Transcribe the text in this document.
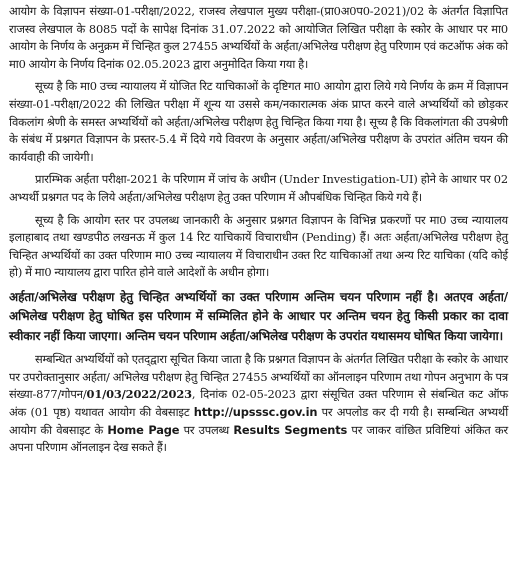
आयोग के विज्ञापन संख्या-01-परीक्षा/2022, राजस्व लेखपाल मुख्य परीक्षा-(प्रा0अ0प0-2021)/02 के अंतर्गत विज्ञापित राजस्व लेखपाल के 8085 पदों के सापेक्ष दिनांक 31.07.2022 को आयोजित लिखित परीक्षा के स्कोर के आधार पर मा0 आयोग के निर्णय के अनुक्रम में चिन्हित कुल 27455 अभ्यर्थियों के अर्हता/अभिलेख परीक्षण हेतु परिणाम एवं कटऑफ अंक को मा0 आयोग के निर्णय दिनांक 02.05.2023 द्वारा अनुमोदित किया गया है।

सूच्य है कि मा0 उच्च न्यायालय में योजित रिट याचिकाओं के दृष्टिगत मा0 आयोग द्वारा लिये गये निर्णय के क्रम में विज्ञापन संख्या-01-परीक्षा/2022 की लिखित परीक्षा में शून्य या उससे कम/नकारात्मक अंक प्राप्त करने वाले अभ्यर्थियों को छोड़कर विकलांग श्रेणी के समस्त अभ्यर्थियों को अर्हता/अभिलेख परीक्षण हेतु चिन्हित किया गया है। सूच्य है कि विकलांगता की उपश्रेणी के संबंध में प्रश्नगत विज्ञापन के प्रस्तर-5.4 में दिये गये विवरण के अनुसार अर्हता/अभिलेख परीक्षण के उपरांत अंतिम चयन की कार्यवाही की जायेगी।

प्रारम्भिक अर्हता परीक्षा-2021 के परिणाम में जांच के अधीन (Under Investigation-UI) होने के आधार पर 02 अभ्यर्थी प्रश्नगत पद के लिये अर्हता/अभिलेख परीक्षण हेतु उक्त परिणाम में औपबंधिक चिन्हित किये गये हैं।

सूच्य है कि आयोग स्तर पर उपलब्ध जानकारी के अनुसार प्रश्नगत विज्ञापन के विभिन्न प्रकरणों पर मा0 उच्च न्यायालय इलाहाबाद तथा खण्डपीठ लखनऊ में कुल 14 रिट याचिकायें विचाराधीन (Pending) हैं। अतः अर्हता/अभिलेख परीक्षण हेतु चिन्हित अभ्यर्थियों का उक्त परिणाम मा0 उच्च न्यायालय में विचाराधीन उक्त रिट याचिकाओं तथा अन्य रिट याचिका (यदि कोई हो) में मा0 न्यायालय द्वारा पारित होने वाले आदेशों के अधीन होगा।

अर्हता/अभिलेख परीक्षण हेतु चिन्हित अभ्यर्थियों का उक्त परिणाम अन्तिम चयन परिणाम नहीं है। अतएव अर्हता/अभिलेख परीक्षण हेतु घोषित इस परिणाम में सम्मिलित होने के आधार पर अन्तिम चयन हेतु किसी प्रकार का दावा स्वीकार नहीं किया जाएगा। अन्तिम चयन परिणाम अर्हता/अभिलेख परीक्षण के उपरांत यथासमय घोषित किया जायेगा।

सम्बन्धित अभ्यर्थियों को एतद्‌द्वारा सूचित किया जाता है कि प्रश्नगत विज्ञापन के अंतर्गत लिखित परीक्षा के स्कोर के आधार पर उपरोक्तानुसार अर्हता/ अभिलेख परीक्षण हेतु चिन्हित 27455 अभ्यर्थियों का ऑनलाइन परिणाम तथा गोपन अनुभाग के पत्र संख्या-877/गोपन/01/03/2022/2023, दिनांक 02-05-2023 द्वारा संसूचित उक्त परिणाम से संबन्धित कट ऑफ अंक (01 पृष्ठ) यथावत आयोग की वेबसाइट http://upsssc.gov.in पर अपलोड कर दी गयी है। सम्बन्धित अभ्यर्थी आयोग की वेबसाइट के Home Page पर उपलब्ध Results Segments पर जाकर वांछित प्रविष्टियां अंकित कर अपना परिणाम ऑनलाइन देख सकते हैं।
